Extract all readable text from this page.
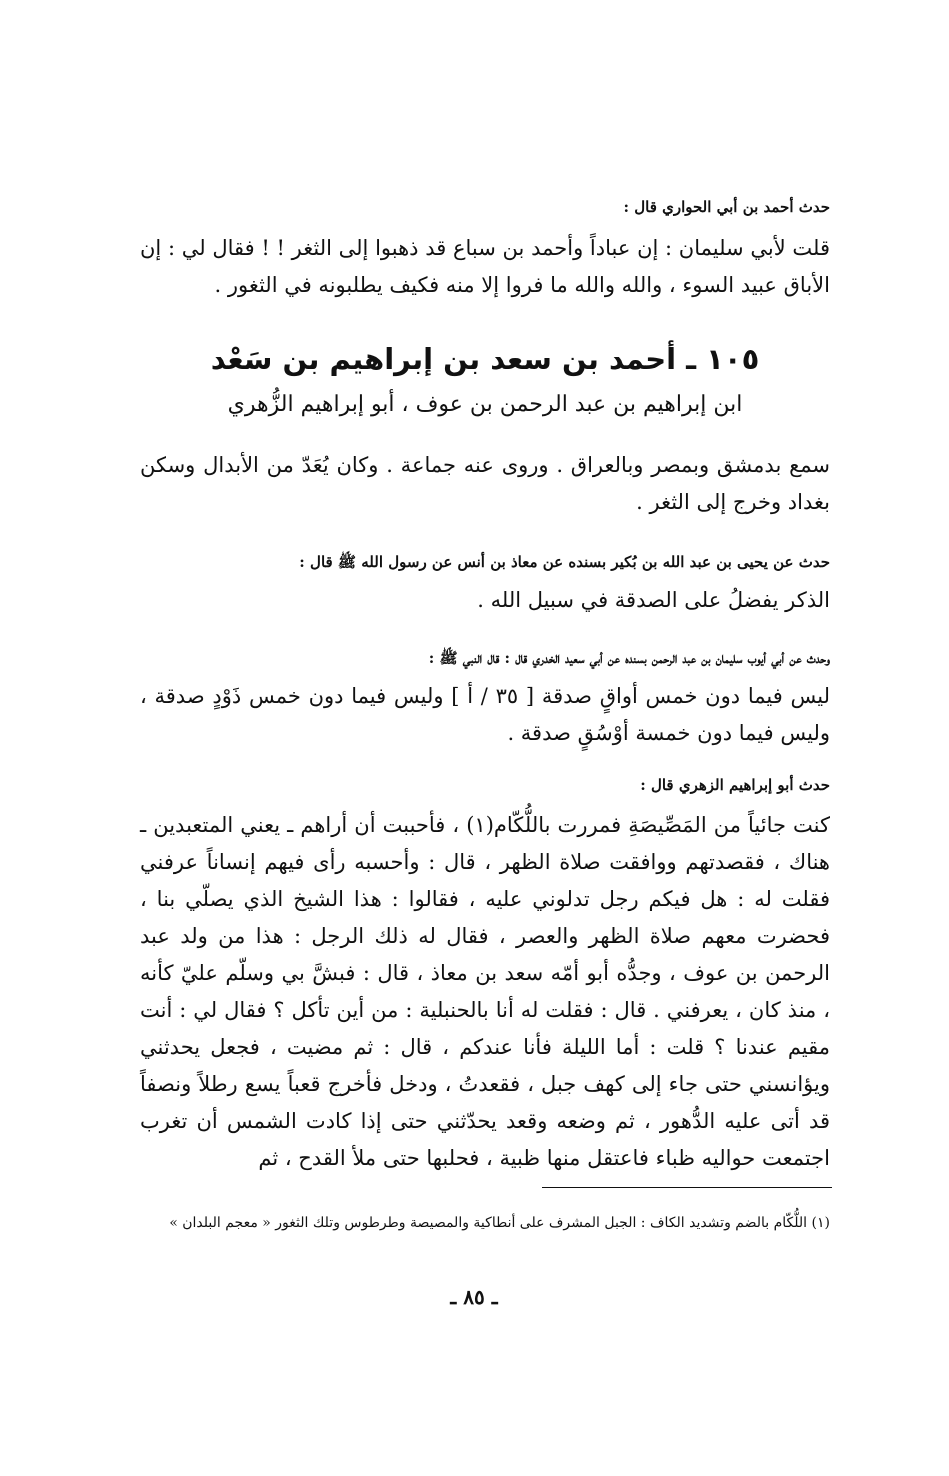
حدث أحمد بن أبي الحواري قال :
قلت لأبي سليمان : إن عباداً وأحمد بن سباع قد ذهبوا إلى الثغر ! ! فقال لي : إن الأباق عبيد السوء ، والله والله ما فروا إلا منه فكيف يطلبونه في الثغور .
١٠٥ ـ أحمد بن سعد بن إبراهيم بن سَعْد
ابن إبراهيم بن عبد الرحمن بن عوف ، أبو إبراهيم الزُّهري
سمع بدمشق وبمصر وبالعراق . وروى عنه جماعة . وكان يُعَدّ من الأبدال وسكن بغداد وخرج إلى الثغر .
حدث عن يحيى بن عبد الله بن بُكير بسنده عن معاذ بن أنس عن رسول الله ﷺ قال :
الذكر يفضلُ على الصدقة في سبيل الله .
وحدث عن أبي أيوب سليمان بن عبد الرحمن بسنده عن أبي سعيد الخدري قال : قال النبي ﷺ :
ليس فيما دون خمس أواقٍ صدقة [ ٣٥ / أ ] وليس فيما دون خمس ذَوْدٍ صدقة ، وليس فيما دون خمسة أوْسُقٍ صدقة .
حدث أبو إبراهيم الزهري قال :
كنت جائياً من المَصِّيصَةِ فمررت باللُّكّام(١) ، فأحببت أن أراهم ـ يعني المتعبدين ـ هناك ، فقصدتهم ووافقت صلاة الظهر ، قال : وأحسبه رأى فيهم إنساناً عرفني فقلت له : هل فيكم رجل تدلوني عليه ، فقالوا : هذا الشيخ الذي يصلّي بنا ، فحضرت معهم صلاة الظهر والعصر ، فقال له ذلك الرجل : هذا من ولد عبد الرحمن بن عوف ، وجدُّه أبو أمّه سعد بن معاذ ، قال : فبشَّ بي وسلّم عليّ كأنه ، منذ كان ، يعرفني . قال : فقلت له أنا بالحنبلية : من أين تأكل ؟ فقال لي : أنت مقيم عندنا ؟ قلت : أما الليلة فأنا عندكم ، قال : ثم مضيت ، فجعل يحدثني ويؤانسني حتى جاء إلى كهف جبل ، فقعدتُ ، ودخل فأخرج قعباً يسع رطلاً ونصفاً قد أتى عليه الدُّهور ، ثم وضعه وقعد يحدّثني حتى إذا كادت الشمس أن تغرب اجتمعت حواليه ظباء فاعتقل منها ظبية ، فحلبها حتى ملأ القدح ، ثم
(١) اللُّكّام بالضم وتشديد الكاف : الجبل المشرف على أنطاكية والمصيصة وطرطوس وتلك الثغور « معجم البلدان »
ـ ٨٥ ـ
